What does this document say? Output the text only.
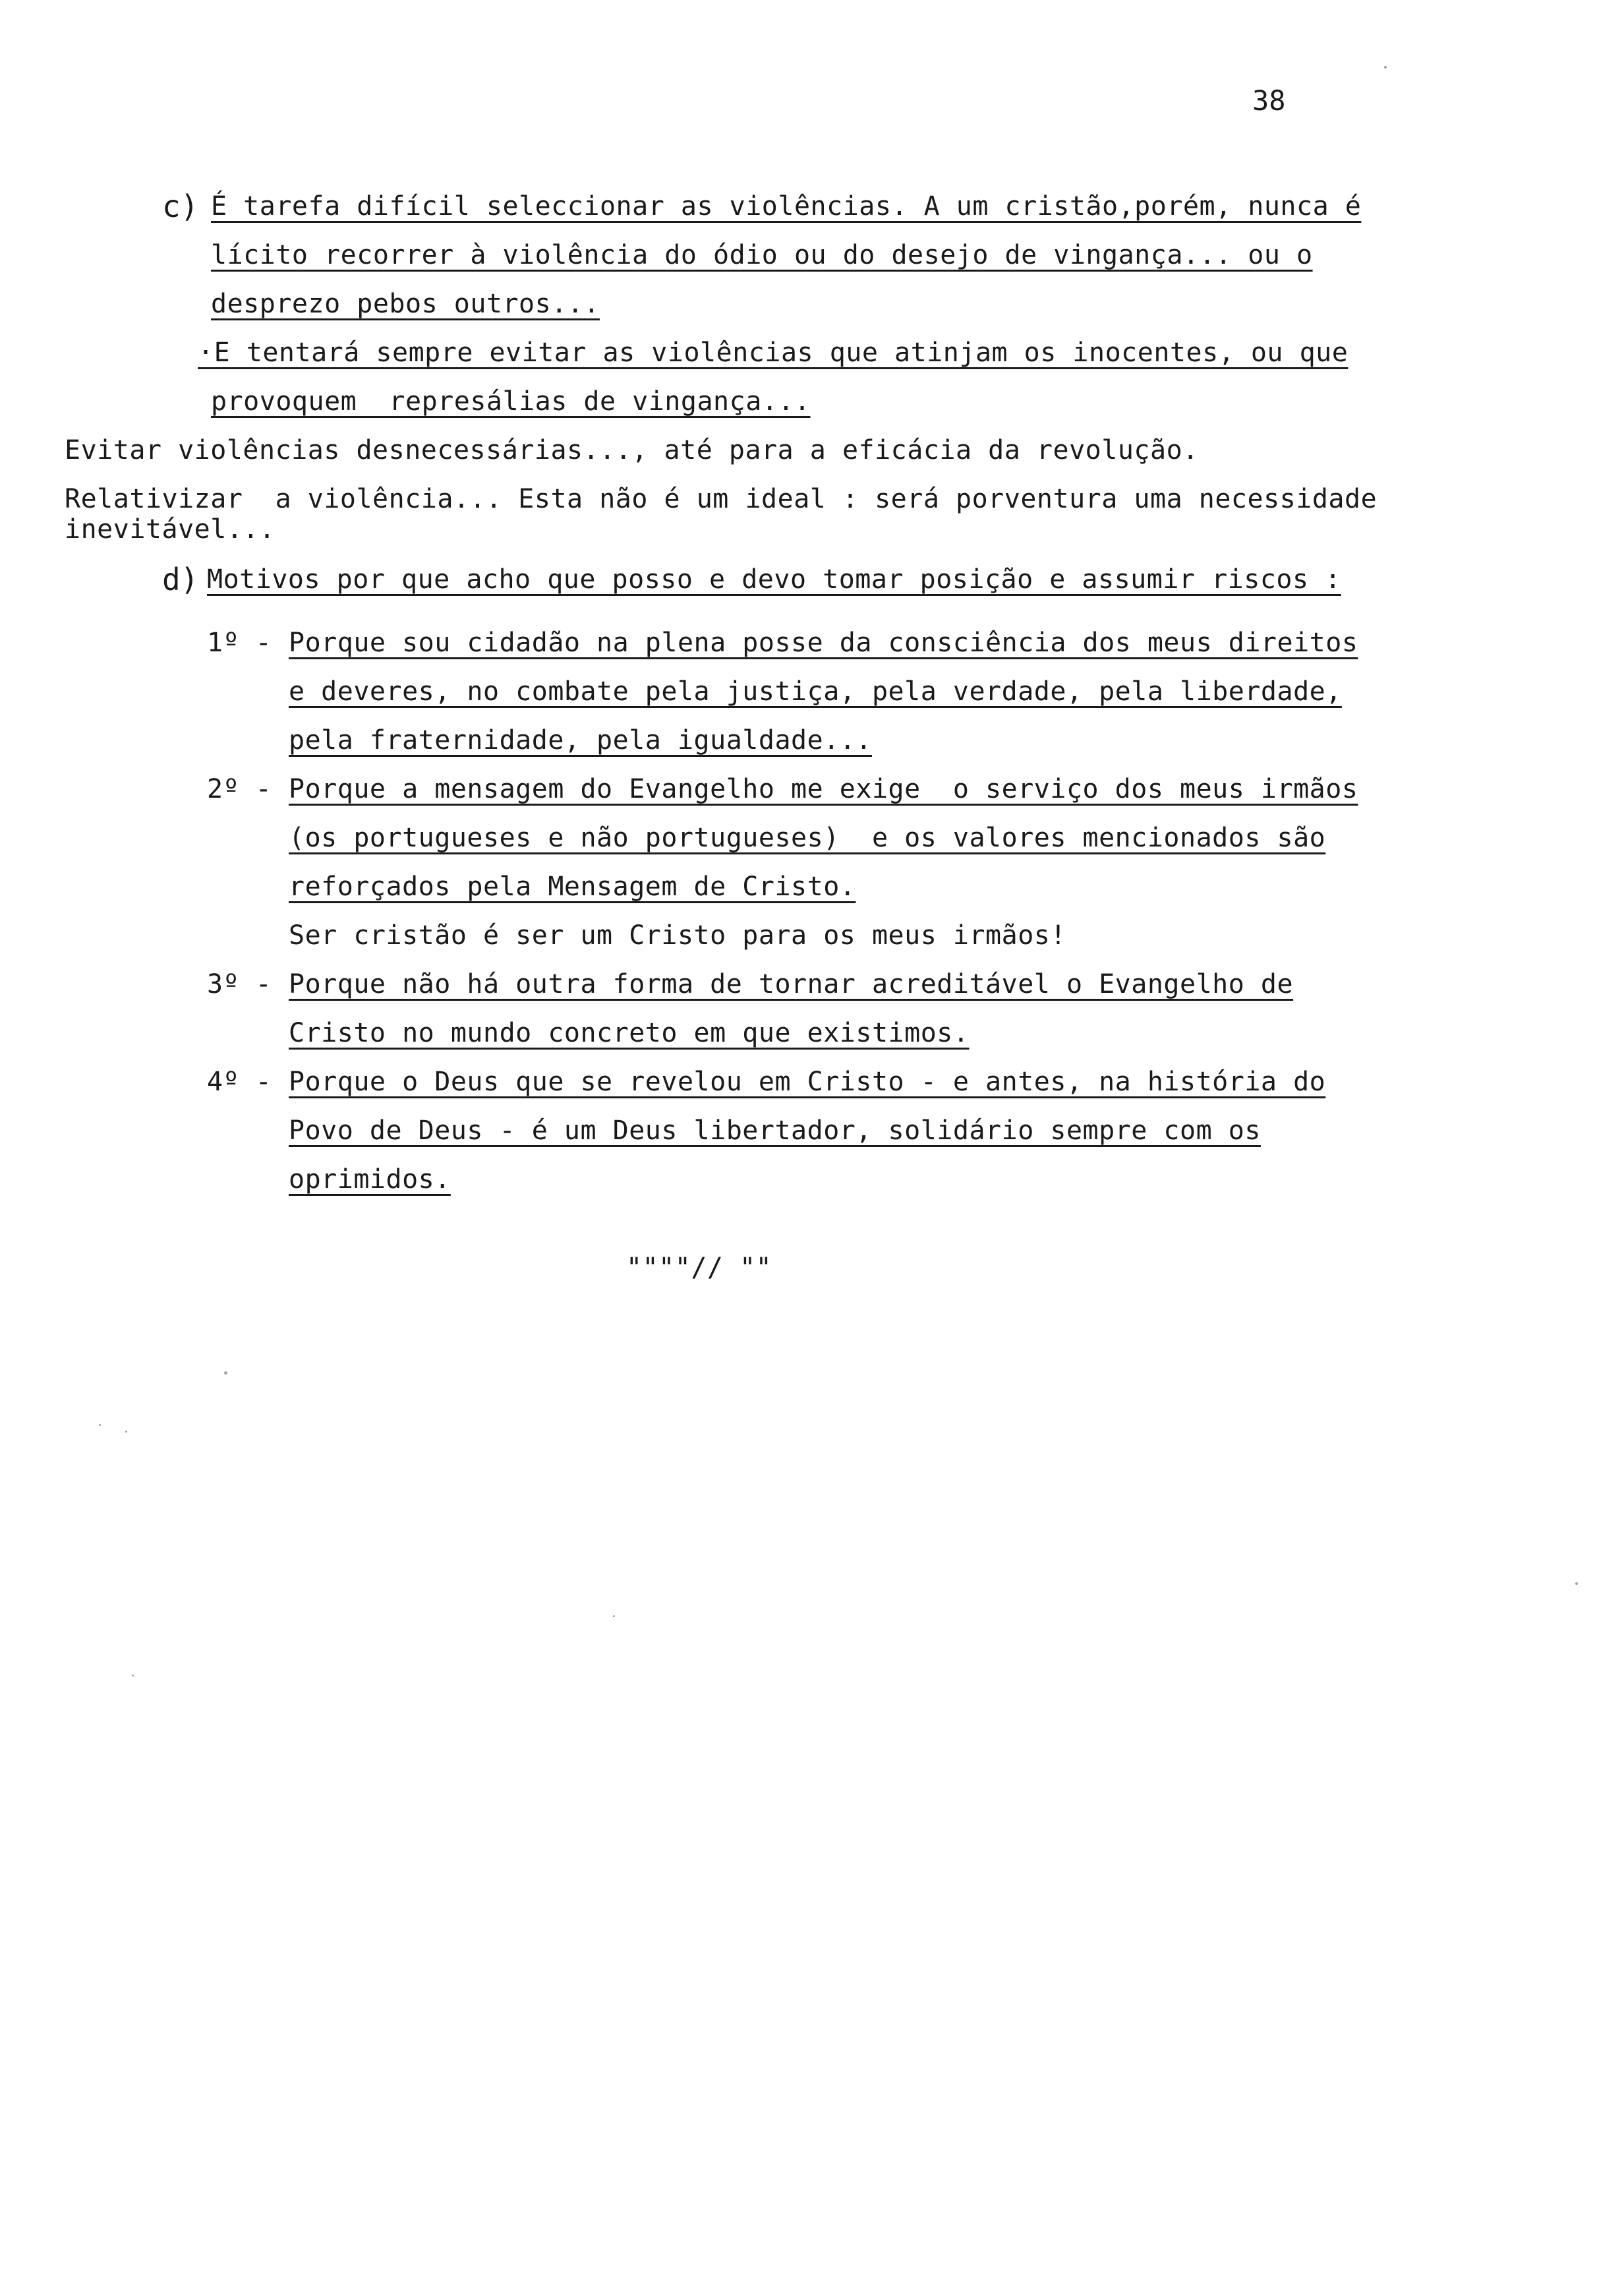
38
c) É tarefa difícil seleccionar as violências. A um cristão,porém, nunca é
lícito recorrer à violência do ódio ou do desejo de vingança... ou o
desprezo pebos outros...
·E tentará sempre evitar as violências que atinjam os inocentes, ou que
provoquem  represálias de vingança...
Evitar violências desnecessárias..., até para a eficácia da revolução.
Relativizar  a violência... Esta não é um ideal : será porventura uma necessidade
inevitável...
d) Motivos por que acho que posso e devo tomar posição e assumir riscos :
1º - Porque sou cidadão na plena posse da consciência dos meus direitos
e deveres, no combate pela justiça, pela verdade, pela liberdade,
pela fraternidade, pela igualdade...
2º - Porque a mensagem do Evangelho me exige  o serviço dos meus irmãos
(os portugueses e não portugueses)  e os valores mencionados são
reforçados pela Mensagem de Cristo.
Ser cristão é ser um Cristo para os meus irmãos!
3º - Porque não há outra forma de tornar acreditável o Evangelho de
Cristo no mundo concreto em que existimos.
4º - Porque o Deus que se revelou em Cristo - e antes, na história do
Povo de Deus - é um Deus libertador, solidário sempre com os
oprimidos.
""""// ""
